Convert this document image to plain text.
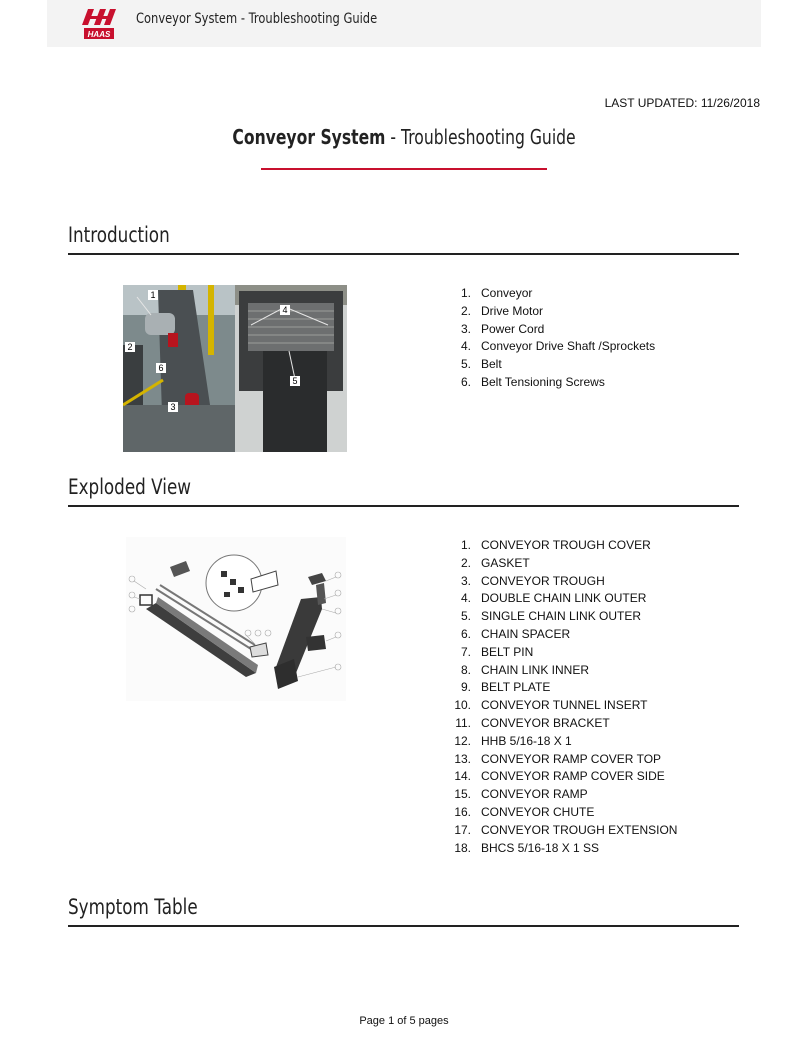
HAAS
Conveyor System - Troubleshooting Guide
LAST UPDATED: 11/26/2018
Conveyor System - Troubleshooting Guide
Introduction
1
2
3
4
5
6
1. Conveyor
2. Drive Motor
3. Power Cord
4. Conveyor Drive Shaft /Sprockets
5. Belt
6. Belt Tensioning Screws
Exploded View
1. CONVEYOR TROUGH COVER
2. GASKET
3. CONVEYOR TROUGH
4. DOUBLE CHAIN LINK OUTER
5. SINGLE CHAIN LINK OUTER
6. CHAIN SPACER
7. BELT PIN
8. CHAIN LINK INNER
9. BELT PLATE
10. CONVEYOR TUNNEL INSERT
11. CONVEYOR BRACKET
12. HHB 5/16-18 X 1
13. CONVEYOR RAMP COVER TOP
14. CONVEYOR RAMP COVER SIDE
15. CONVEYOR RAMP
16. CONVEYOR CHUTE
17. CONVEYOR TROUGH EXTENSION
18. BHCS 5/16-18 X 1 SS
Symptom Table
Page 1 of 5 pages
